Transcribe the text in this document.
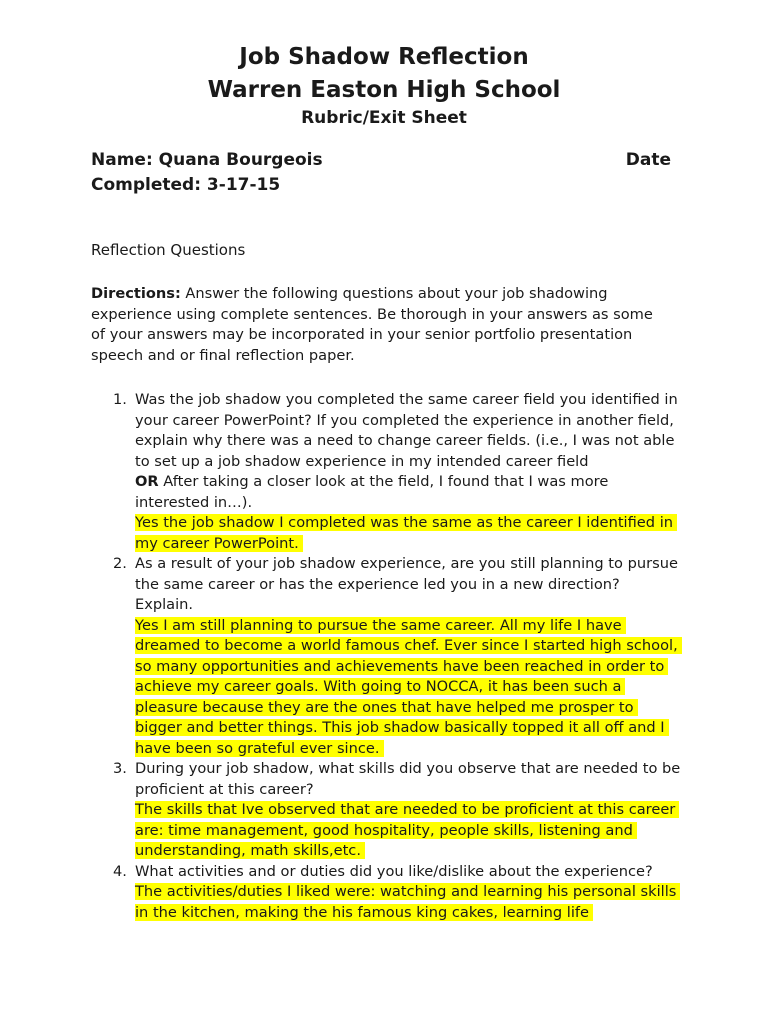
Job Shadow Reflection
Warren Easton High School
Rubric/Exit Sheet
Name: Quana Bourgeois	Date
Completed: 3-17-15
Reflection Questions

Directions: Answer the following questions about your job shadowing experience using complete sentences. Be thorough in your answers as some of your answers may be incorporated in your senior portfolio presentation speech and or final reflection paper.

1. Was the job shadow you completed the same career field you identified in your career PowerPoint? If you completed the experience in another field, explain why there was a need to change career fields. (i.e., I was not able to set up a job shadow experience in my intended career field

OR After taking a closer look at the field, I found that I was more interested in…).

Yes the job shadow I completed was the same as the career I identified in my career PowerPoint.

2. As a result of your job shadow experience, are you still planning to pursue the same career or has the experience led you in a new direction? Explain.

Yes I am still planning to pursue the same career. All my life I have dreamed to become a world famous chef. Ever since I started high school, so many opportunities and achievements have been reached in order to achieve my career goals. With going to NOCCA, it has been such a pleasure because they are the ones that have helped me prosper to bigger and better things. This job shadow basically topped it all off and I have been so grateful ever since.

3. During your job shadow, what skills did you observe that are needed to be proficient at this career?

The skills that Ive observed that are needed to be proficient at this career are: time management, good hospitality, people skills, listening and understanding, math skills,etc.

4. What activities and or duties did you like/dislike about the experience?

The activities/duties I liked were: watching and learning his personal skills in the kitchen, making the his famous king cakes, learning life
